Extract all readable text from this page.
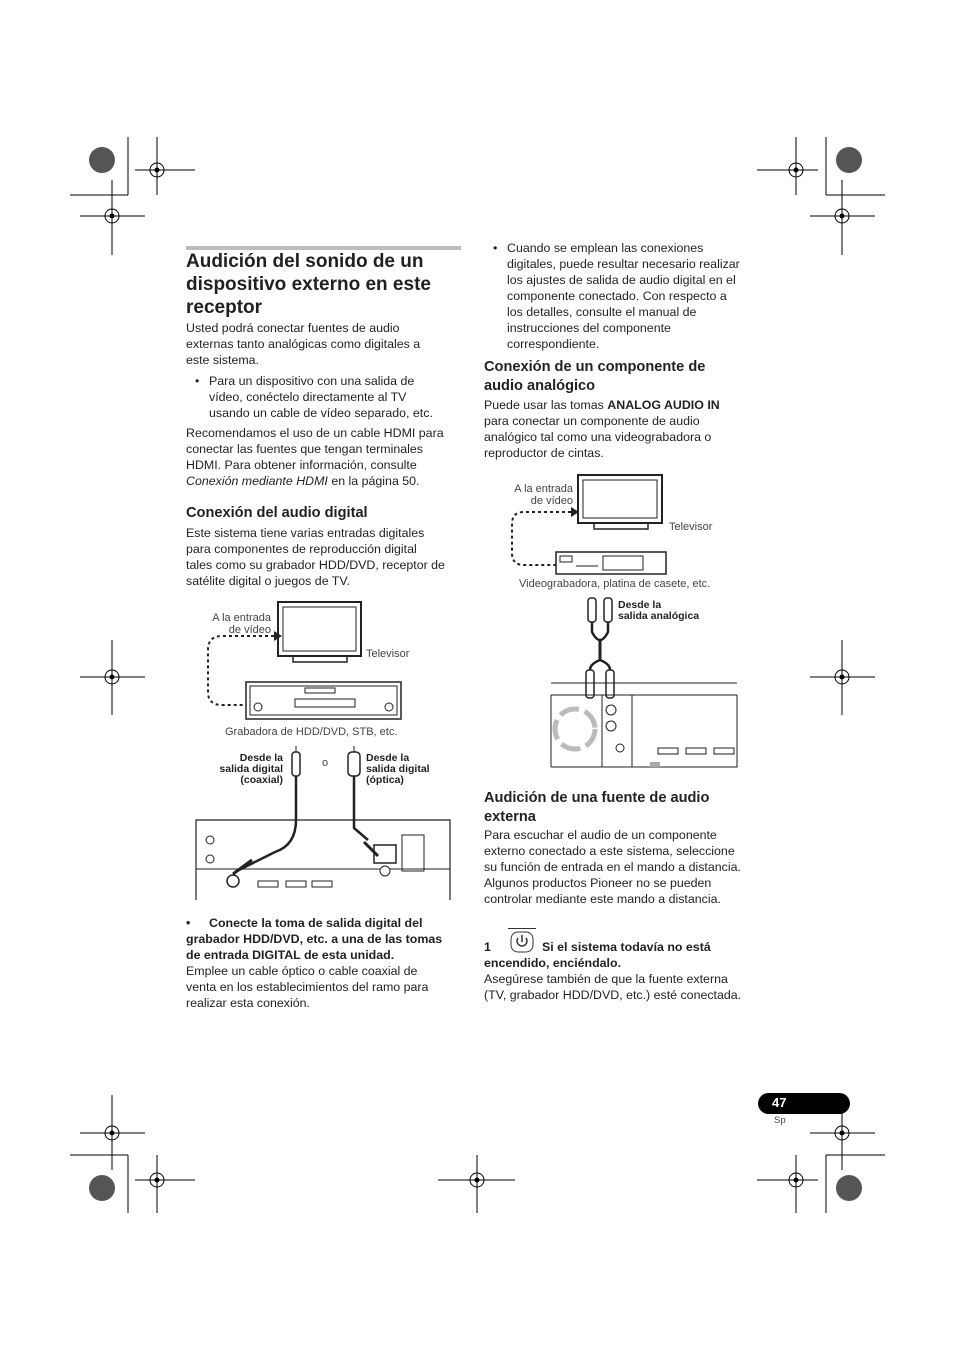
Audición del sonido de un
dispositivo externo en este
receptor
Usted podrá conectar fuentes de audio
externas tanto analógicas como digitales a
este sistema.
• Para un dispositivo con una salida de
vídeo, conéctelo directamente al TV
usando un cable de vídeo separado, etc.
Recomendamos el uso de un cable HDMI para
conectar las fuentes que tengan terminales
HDMI. Para obtener información, consulte
Conexión mediante HDMI en la página 50.
Conexión del audio digital
Este sistema tiene varias entradas digitales
para componentes de reproducción digital
tales como su grabador HDD/DVD, receptor de
satélite digital o juegos de TV.
A la entrada
de vídeo
Televisor
Grabadora de HDD/DVD, STB, etc.
Desde la
salida digital
(coaxial)
o	Desde la
salida digital
(óptica)
•	Conecte la toma de salida digital del
grabador HDD/DVD, etc. a una de las tomas
de entrada DIGITAL de esta unidad.
Emplee un cable óptico o cable coaxial de
venta en los establecimientos del ramo para
realizar esta conexión.
• Cuando se emplean las conexiones
digitales, puede resultar necesario realizar
los ajustes de salida de audio digital en el
componente conectado. Con respecto a
los detalles, consulte el manual de
instrucciones del componente
correspondiente.
Conexión de un componente de
audio analógico
Puede usar las tomas ANALOG AUDIO IN
para conectar un componente de audio
analógico tal como una videograbadora o
reproductor de cintas.
A la entrada
de vídeo
Televisor
Videograbadora, platina de casete, etc.
Desde la
salida analógica
Audición de una fuente de audio
externa
Para escuchar el audio de un componente
externo conectado a este sistema, seleccione
su función de entrada en el mando a distancia.
Algunos productos Pioneer no se pueden
controlar mediante este mando a distancia.
1	Si el sistema todavía no está
encendido, enciéndalo.
Asegúrese también de que la fuente externa
(TV, grabador HDD/DVD, etc.) esté conectada.
47
Sp
